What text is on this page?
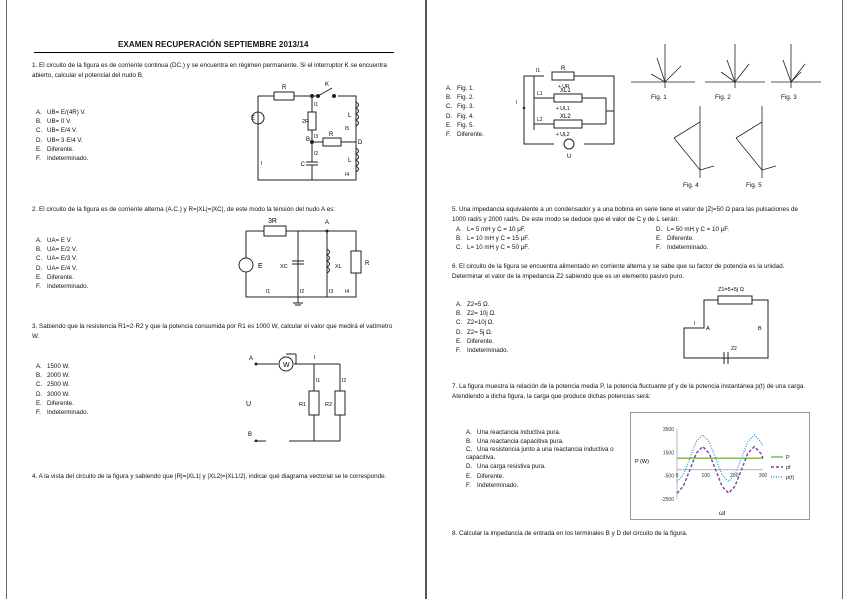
EXAMEN RECUPERACIÓN SEPTIEMBRE 2013/14
1. El circuito de la figura es de corriente continua (DC.) y se encuentra en régimen permanente. Si el interruptor K se encuentra abierto, calcular el potencial del nudo B.
A. UB= E/(4R) V.
B. UB= 0 V.
C. UB= E/4 V.
D. UB= 3·E/4 V.
E. Diferente.
F. Indeterminado.
E
R	K
2R
I1
B I3
I2
R
L
D
C
I
I5
L
I4
2. El circuito de la figura es de corriente alterna (A.C.) y R=|XL|=|XC|, de este modo la tensión del nudo A es:
A. UA= E V.
B. UA= E/2 V.
C. UA= E/3 V.
D. UA= E/4 V.
E. Diferente.
F. Indeterminado.
3R	A
E	XC	XL	R
I1	I2	I3 I4
3. Sabiendo que la resistencia R1=2·R2 y que la potencia consumida por R1 es 1000 W, calcular el valor que medirá el vatímetro W.
A. 1500 W.
B. 2000 W.
C. 2500 W.
D. 3000 W.
E. Diferente.
F. Indeterminado.
A
W
I
I1	I2
U	R1	R2
B
4. A la vista del circuito de la figura y sabiendo que |R|=|XL1| y |XL2|=|XL1/2|, indicar qué diagrama vectorial se le corresponde.
A. Fig. 1.
B. Fig. 2.
C. Fig. 3.
D. Fig. 4.
E. Fig. 5.
F. Diferente.
I1	R
+ UR
I
L1	XL1
+ UL1
L2	XL2
+ UL2
U
Fig. 1	Fig. 2	Fig. 3
Fig. 4	Fig. 5
5. Una impedancia equivalente a un condensador y a una bobina en serie tiene el valor de |Z|=50 Ω para las pulsaciones de 1000 rad/s y 2000 rad/s. De este modo se deduce que el valor de C y de L serán:
A. L= 5 mH y C = 10 μF.	D. L= 50 mH y C = 10 μF.
B. L= 10 mH y C = 15 μF.	E. Diferente.
C. L= 10 mH y C = 50 μF.	F. Indeterminado.
6. El circuito de la figura se encuentra alimentado en corriente alterna y se sabe que su factor de potencia es la unidad. Determinar el valor de la impedancia Z2 sabiendo que es un elemento pasivo puro.
A. Z2=5 Ω.
B. Z2= 10j Ω.
C. Z2=10j Ω.
D. Z2= 5j Ω.
E. Diferente.
F. Indeterminado.
Z1=5+5j Ω
I
A	B
Z2
7. La figura muestra la relación de la potencia media P, la potencia fluctuante pf y de la potencia instantánea p(t) de una carga. Atendiendo a dicha figura, la carga que produce dichas potencias será:
A. Una reactancia inductiva pura.
B. Una reactancia capacitiva pura.
C. Una resistencia junto a una reactancia inductiva o capacitiva.
D. Una carga resistiva pura.
E. Diferente.
F. Indeterminado.
P (W)
ωt
3500
1500
-500
-2500
0	100	200	300
P
pf
p(t)
8. Calcular la impedancia de entrada en los terminales B y D del circuito de la figura.
